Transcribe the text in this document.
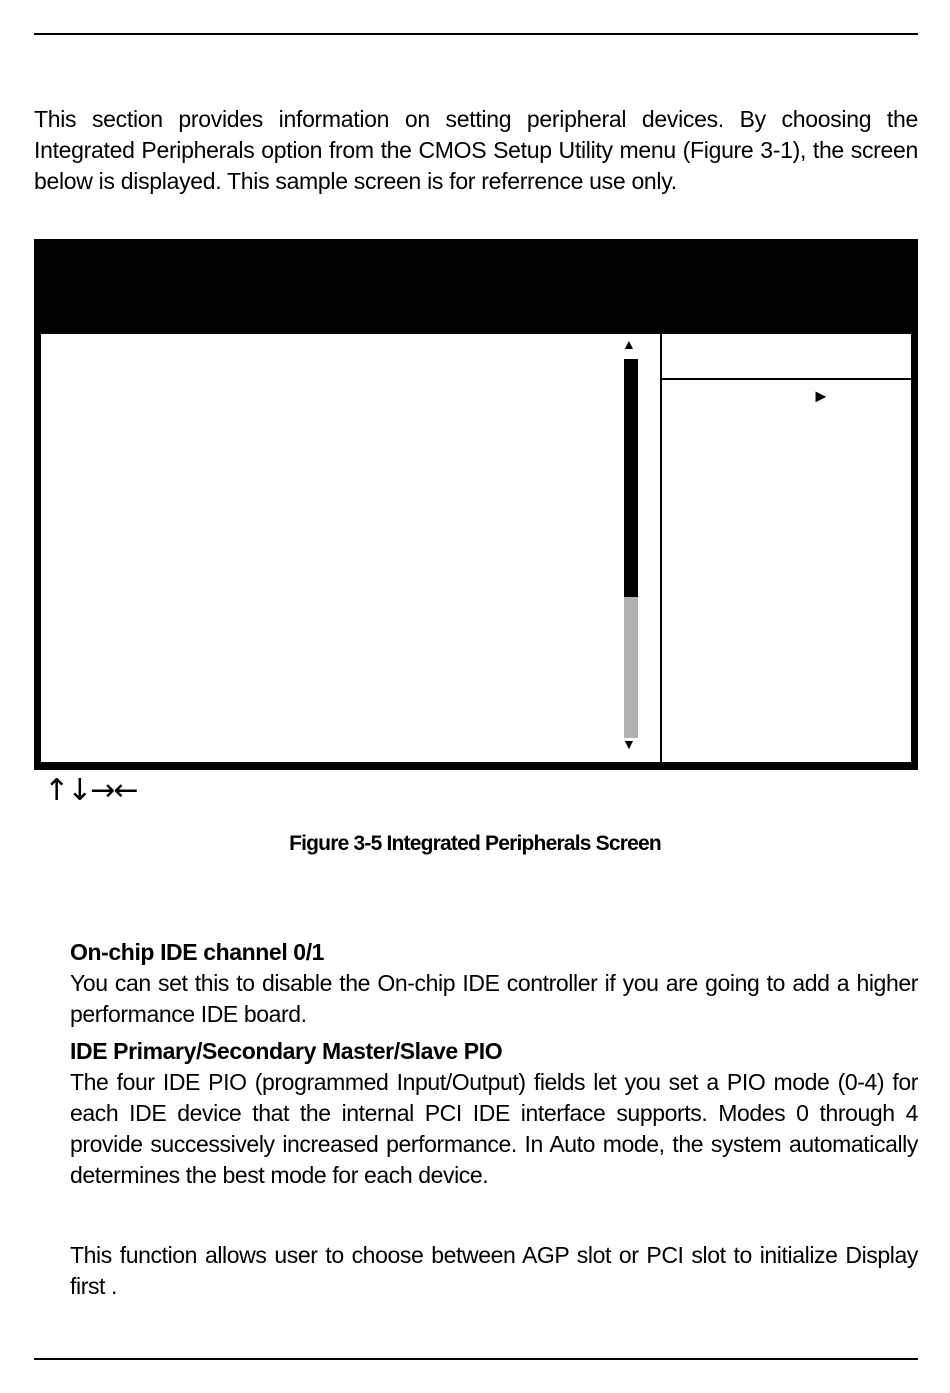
This section provides information on setting peripheral devices. By choosing the Integrated Peripherals option from the CMOS Setup Utility menu (Figure 3-1), the screen below is displayed. This sample screen is for referrence use only.

▲
▼
►
↑↓→←
Figure 3-5 Integrated Peripherals Screen
On-chip IDE channel 0/1

You can set this to disable the On-chip IDE controller if you are going to add a higher performance IDE board.

IDE Primary/Secondary Master/Slave PIO

The four IDE PIO (programmed Input/Output) fields let you set a PIO mode (0-4) for each IDE device that the internal PCI IDE interface supports. Modes 0 through 4 provide successively increased performance. In Auto mode, the system automatically determines the best mode for each device.

This function allows user to choose between AGP slot or PCI slot to initialize Display first .
